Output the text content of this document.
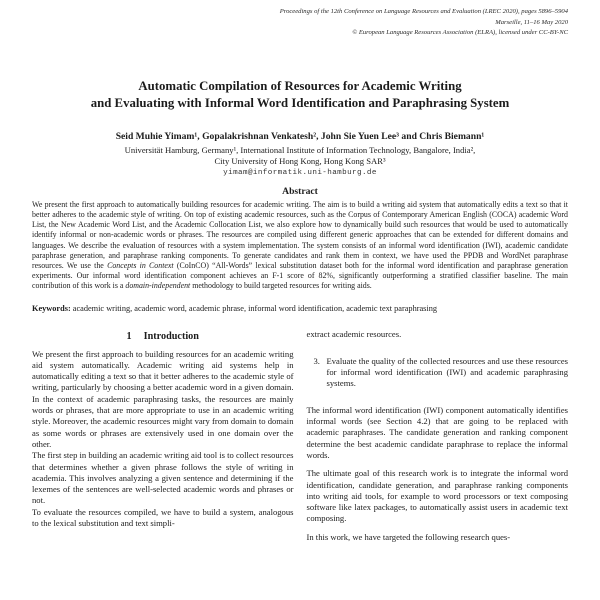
Proceedings of the 12th Conference on Language Resources and Evaluation (LREC 2020), pages 5896–5904
Marseille, 11–16 May 2020
© European Language Resources Association (ELRA), licensed under CC-BY-NC
Automatic Compilation of Resources for Academic Writing
and Evaluating with Informal Word Identification and Paraphrasing System
Seid Muhie Yimam¹, Gopalakrishnan Venkatesh², John Sie Yuen Lee³ and Chris Biemann¹
Universität Hamburg, Germany¹, International Institute of Information Technology, Bangalore, India²,
City University of Hong Kong, Hong Kong SAR³
yimam@informatik.uni-hamburg.de
Abstract

We present the first approach to automatically building resources for academic writing. The aim is to build a writing aid system that automatically edits a text so that it better adheres to the academic style of writing. On top of existing academic resources, such as the Corpus of Contemporary American English (COCA) academic Word List, the New Academic Word List, and the Academic Collocation List, we also explore how to dynamically build such resources that would be used to automatically identify informal or non-academic words or phrases. The resources are compiled using different generic approaches that can be extended for different domains and languages. We describe the evaluation of resources with a system implementation. The system consists of an informal word identification (IWI), academic candidate paraphrase generation, and paraphrase ranking components. To generate candidates and rank them in context, we have used the PPDB and WordNet paraphrase resources. We use the Concepts in Context (CoInCO) “All-Words” lexical substitution dataset both for the informal word identification and paraphrase generation experiments. Our informal word identification component achieves an F-1 score of 82%, significantly outperforming a stratified classifier baseline. The main contribution of this work is a domain-independent methodology to build targeted resources for writing aids.

Keywords: academic writing, academic word, academic phrase, informal word identification, academic text paraphrasing

1 Introduction

We present the first approach to building resources for an academic writing aid system automatically. Academic writing aid systems help in automatically editing a text so that it better adheres to the academic style of writing, particularly by choosing a better academic word in a given domain. In the context of academic paraphrasing tasks, the resources are mainly words or phrases, that are more appropriate to use in an academic writing style. Moreover, the academic resources might vary from domain to domain as some words or phrases are extensively used in one domain over the other.

The first step in building an academic writing aid tool is to collect resources that determines whether a given phrase follows the style of writing in academia. This involves analyzing a given sentence and determining if the lexemes of the sentences are well-selected academic words and phrases or not.

To evaluate the resources compiled, we have to build a system, analogous to the lexical substitution and text simpli-

extract academic resources.

3. Evaluate the quality of the collected resources and use these resources for informal word identification (IWI) and academic paraphrasing systems.

The informal word identification (IWI) component automatically identifies informal words (see Section 4.2) that are going to be replaced with academic paraphrases. The candidate generation and ranking component determine the best academic candidate paraphrase to replace the informal words.

The ultimate goal of this research work is to integrate the informal word identification, candidate generation, and paraphrase ranking components into writing aid tools, for example to word processors or text composing software like latex packages, to automatically assist users in academic text composing.

In this work, we have targeted the following research ques-
